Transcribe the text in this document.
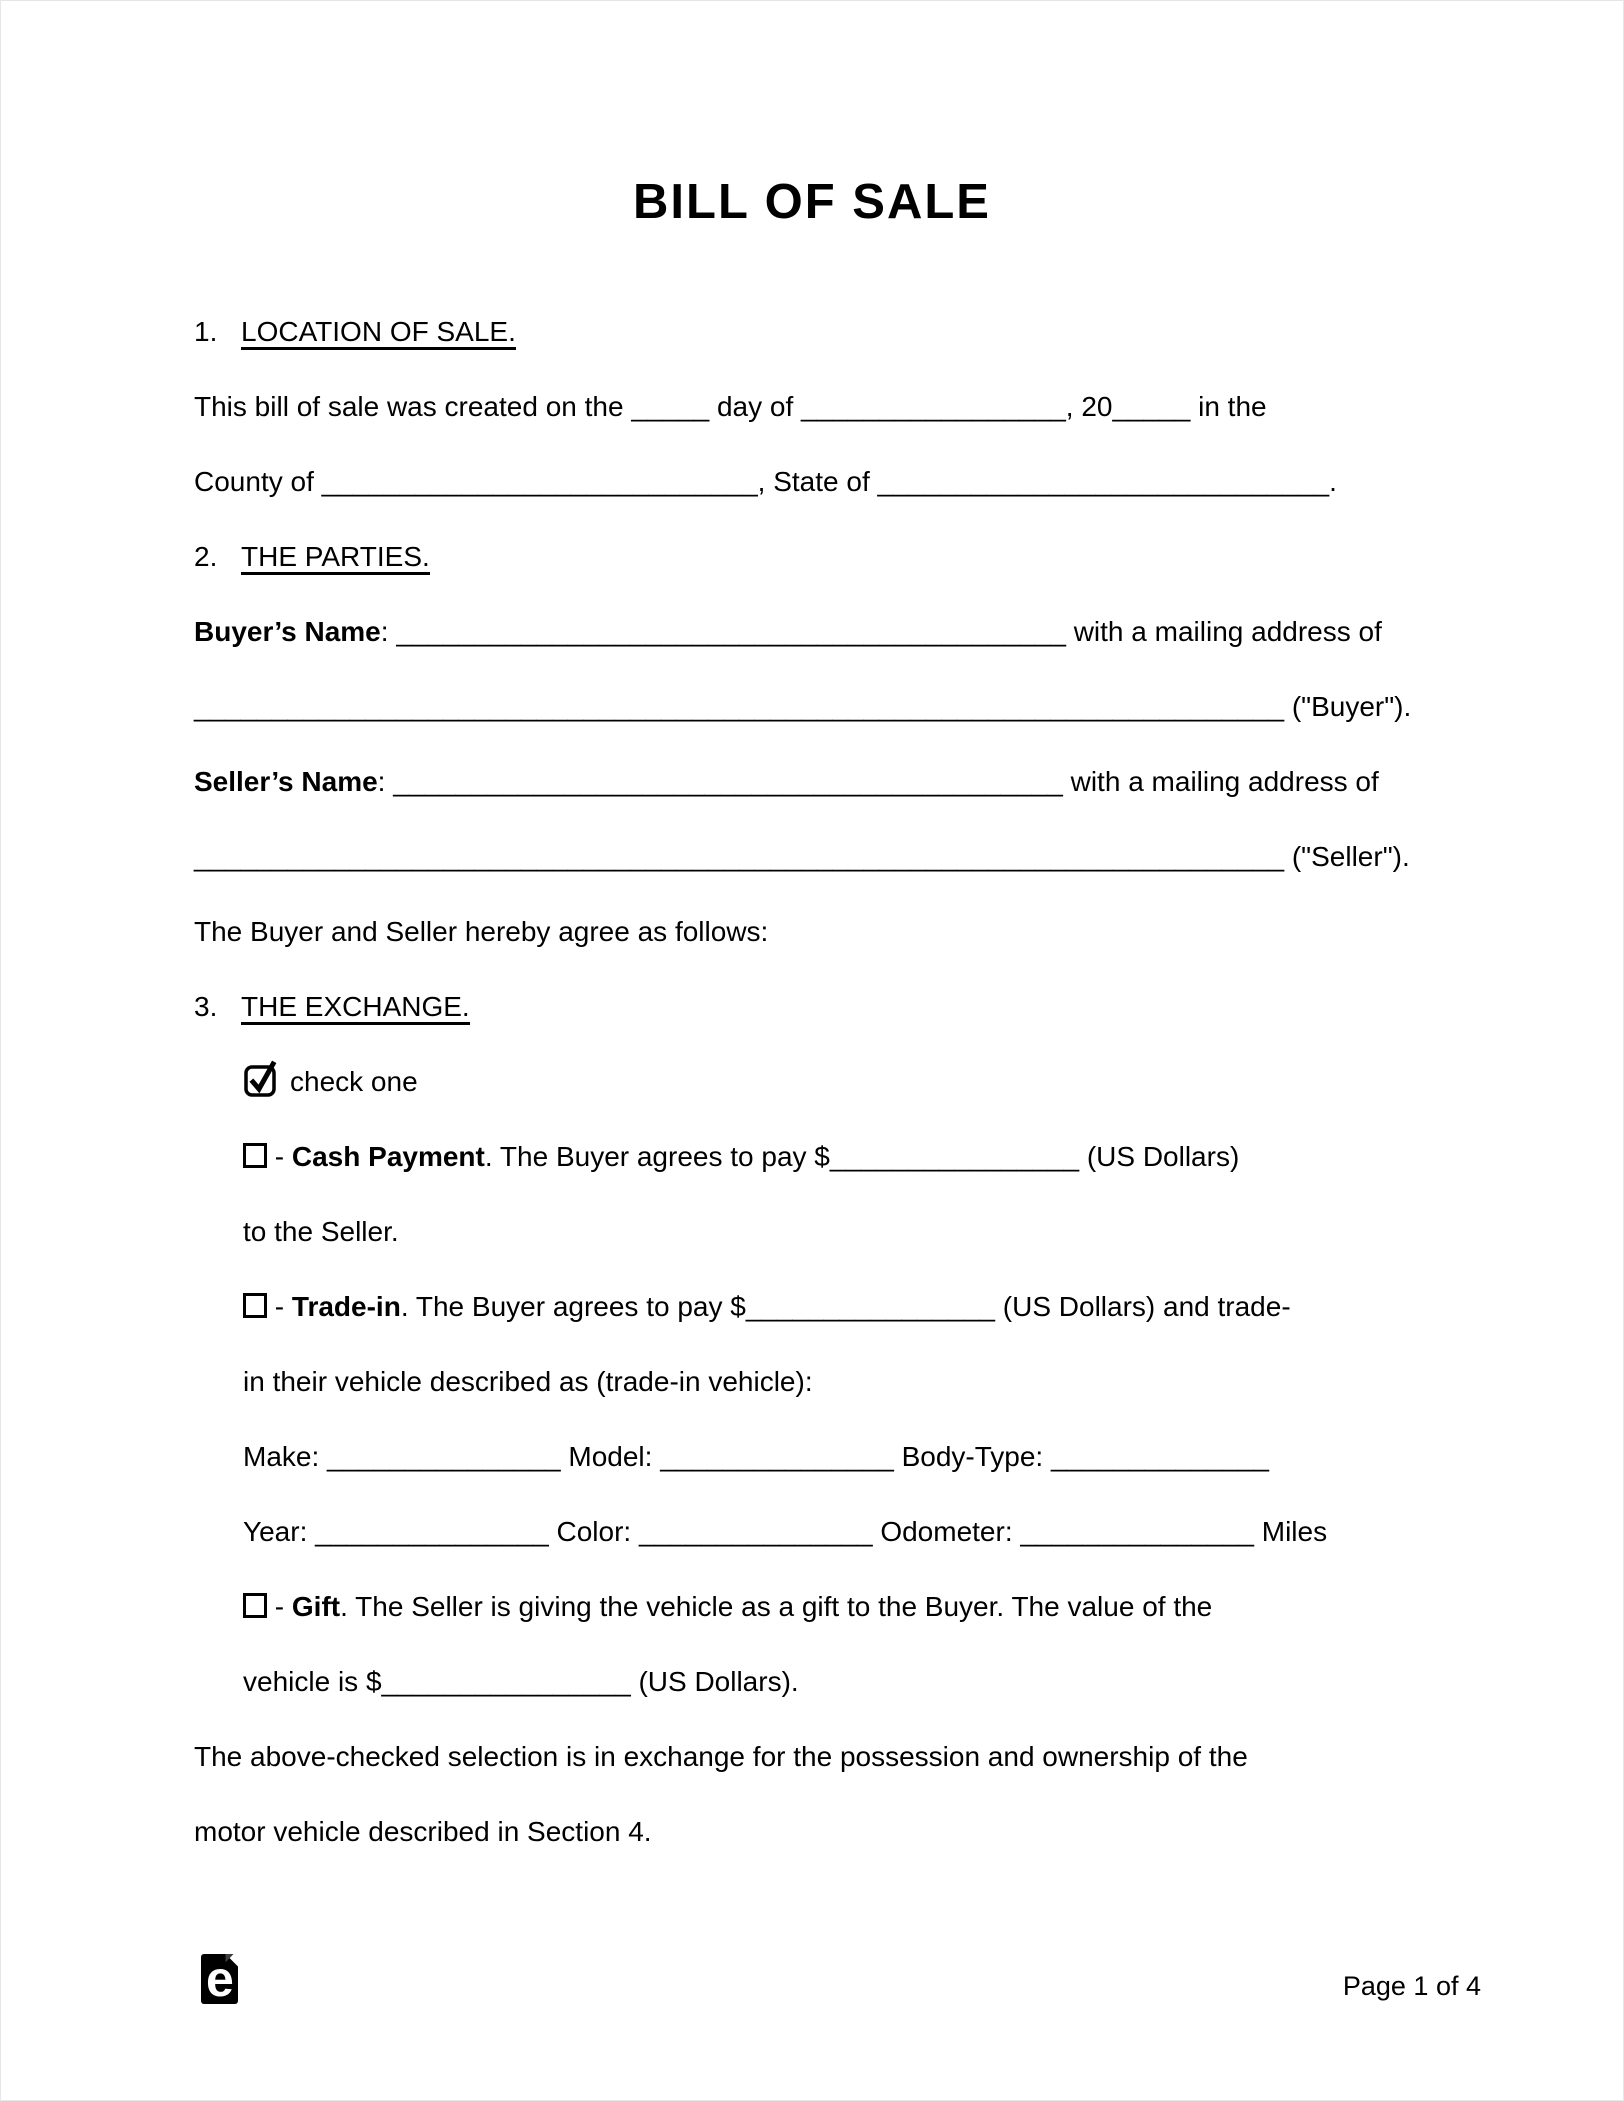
BILL OF SALE
1. LOCATION OF SALE.
This bill of sale was created on the _____ day of _________________, 20_____ in the
County of ____________________________, State of _____________________________.
2. THE PARTIES.
Buyer’s Name: ___________________________________________ with a mailing address of
______________________________________________________________________ ("Buyer").
Seller’s Name: ___________________________________________ with a mailing address of
______________________________________________________________________ ("Seller").
The Buyer and Seller hereby agree as follows:
3. THE EXCHANGE.
check one
- Cash Payment. The Buyer agrees to pay $________________ (US Dollars)
to the Seller.
- Trade-in. The Buyer agrees to pay $________________ (US Dollars) and trade-
in their vehicle described as (trade-in vehicle):
Make: _______________ Model: _______________ Body-Type: ______________
Year: _______________ Color: _______________ Odometer: _______________ Miles
- Gift. The Seller is giving the vehicle as a gift to the Buyer. The value of the
vehicle is $________________ (US Dollars).
The above-checked selection is in exchange for the possession and ownership of the
motor vehicle described in Section 4.
e	Page 1 of 4
